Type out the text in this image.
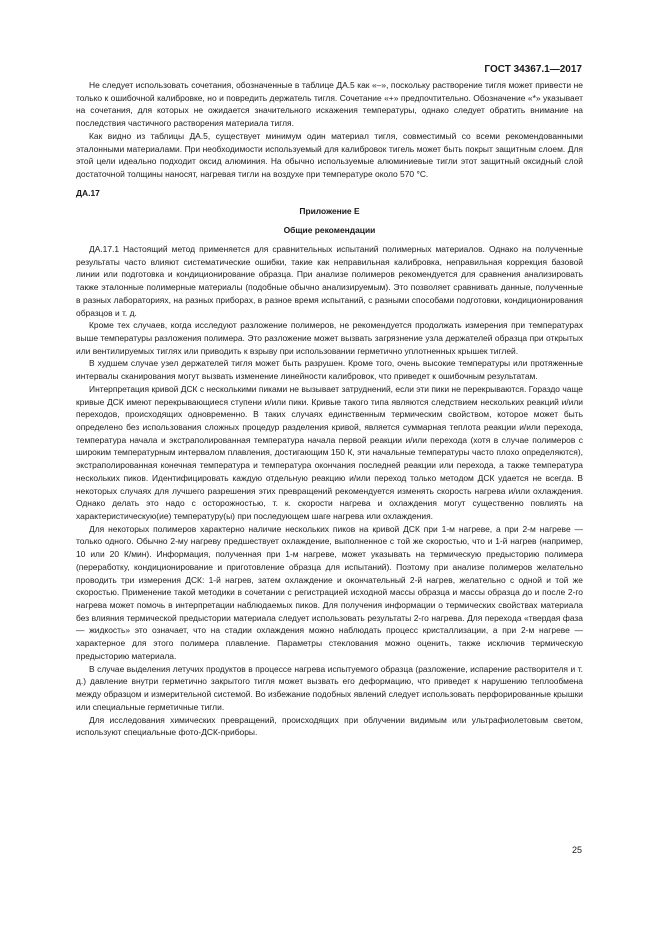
ГОСТ 34367.1—2017

Не следует использовать сочетания, обозначенные в таблице ДА.5 как «–», поскольку растворение тигля может привести не только к ошибочной калибровке, но и повредить держатель тигля. Сочетание «+» предпочтительно. Обозначение «*» указывает на сочетания, для которых не ожидается значительного искажения температуры, однако следует обратить внимание на последствия частичного растворения материала тигля.

Как видно из таблицы ДА.5, существует минимум один материал тигля, совместимый со всеми рекомендованными эталонными материалами. При необходимости используемый для калибровок тигель может быть покрыт защитным слоем. Для этой цели идеально подходит оксид алюминия. На обычно используемые алюминиевые тигли этот защитный оксидный слой достаточной толщины наносят, нагревая тигли на воздухе при температуре около 570 °С.

ДА.17

Приложение Е
Общие рекомендации

ДА.17.1 Настоящий метод применяется для сравнительных испытаний полимерных материалов. Однако на полученные результаты часто влияют систематические ошибки, такие как неправильная калибровка, неправильная коррекция базовой линии или подготовка и кондиционирование образца. При анализе полимеров рекомендуется для сравнения анализировать также эталонные полимерные материалы (подобные обычно анализируемым). Это позволяет сравнивать данные, полученные в разных лабораториях, на разных приборах, в разное время испытаний, с разными способами подготовки, кондиционирования образцов и т. д.

Кроме тех случаев, когда исследуют разложение полимеров, не рекомендуется продолжать измерения при температурах выше температуры разложения полимера. Это разложение может вызвать загрязнение узла держателей образца при открытых или вентилируемых тиглях или приводить к взрыву при использовании герметично уплотненных крышек тиглей.

В худшем случае узел держателей тигля может быть разрушен. Кроме того, очень высокие температуры или протяженные интервалы сканирования могут вызвать изменение линейности калибровок, что приведет к ошибочным результатам.

Интерпретация кривой ДСК с несколькими пиками не вызывает затруднений, если эти пики не перекрываются. Гораздо чаще кривые ДСК имеют перекрывающиеся ступени и/или пики. Кривые такого типа являются следствием нескольких реакций и/или переходов, происходящих одновременно. В таких случаях единственным термическим свойством, которое может быть определено без использования сложных процедур разделения кривой, является суммарная теплота реакции и/или перехода, температура начала и экстраполированная температура начала первой реакции и/или перехода (хотя в случае полимеров с широким температурным интервалом плавления, достигающим 150 К, эти начальные температуры часто плохо определяются), экстраполированная конечная температура и температура окончания последней реакции или перехода, а также температура нескольких пиков. Идентифицировать каждую отдельную реакцию и/или переход только методом ДСК удается не всегда. В некоторых случаях для лучшего разрешения этих превращений рекомендуется изменять скорость нагрева и/или охлаждения. Однако делать это надо с осторожностью, т. к. скорости нагрева и охлаждения могут существенно повлиять на характеристическую(ие) температуру(ы) при последующем шаге нагрева или охлаждения.

Для некоторых полимеров характерно наличие нескольких пиков на кривой ДСК при 1-м нагреве, а при 2-м нагреве — только одного. Обычно 2-му нагреву предшествует охлаждение, выполненное с той же скоростью, что и 1-й нагрев (например, 10 или 20 К/мин). Информация, полученная при 1-м нагреве, может указывать на термическую предысторию полимера (переработку, кондиционирование и приготовление образца для испытаний). Поэтому при анализе полимеров желательно проводить три измерения ДСК: 1-й нагрев, затем охлаждение и окончательный 2-й нагрев, желательно с одной и той же скоростью. Применение такой методики в сочетании с регистрацией исходной массы образца и массы образца до и после 2-го нагрева может помочь в интерпретации наблюдаемых пиков. Для получения информации о термических свойствах материала без влияния термической предыстории материала следует использовать результаты 2-го нагрева. Для перехода «твердая фаза — жидкость» это означает, что на стадии охлаждения можно наблюдать процесс кристаллизации, а при 2-м нагреве — характерное для этого полимера плавление. Параметры стеклования можно оценить, также исключив термическую предысторию материала.

В случае выделения летучих продуктов в процессе нагрева испытуемого образца (разложение, испарение растворителя и т. д.) давление внутри герметично закрытого тигля может вызвать его деформацию, что приведет к нарушению теплообмена между образцом и измерительной системой. Во избежание подобных явлений следует использовать перфорированные крышки или специальные герметичные тигли.

Для исследования химических превращений, происходящих при облучении видимым или ультрафиолетовым светом, используют специальные фото-ДСК-приборы.

25
